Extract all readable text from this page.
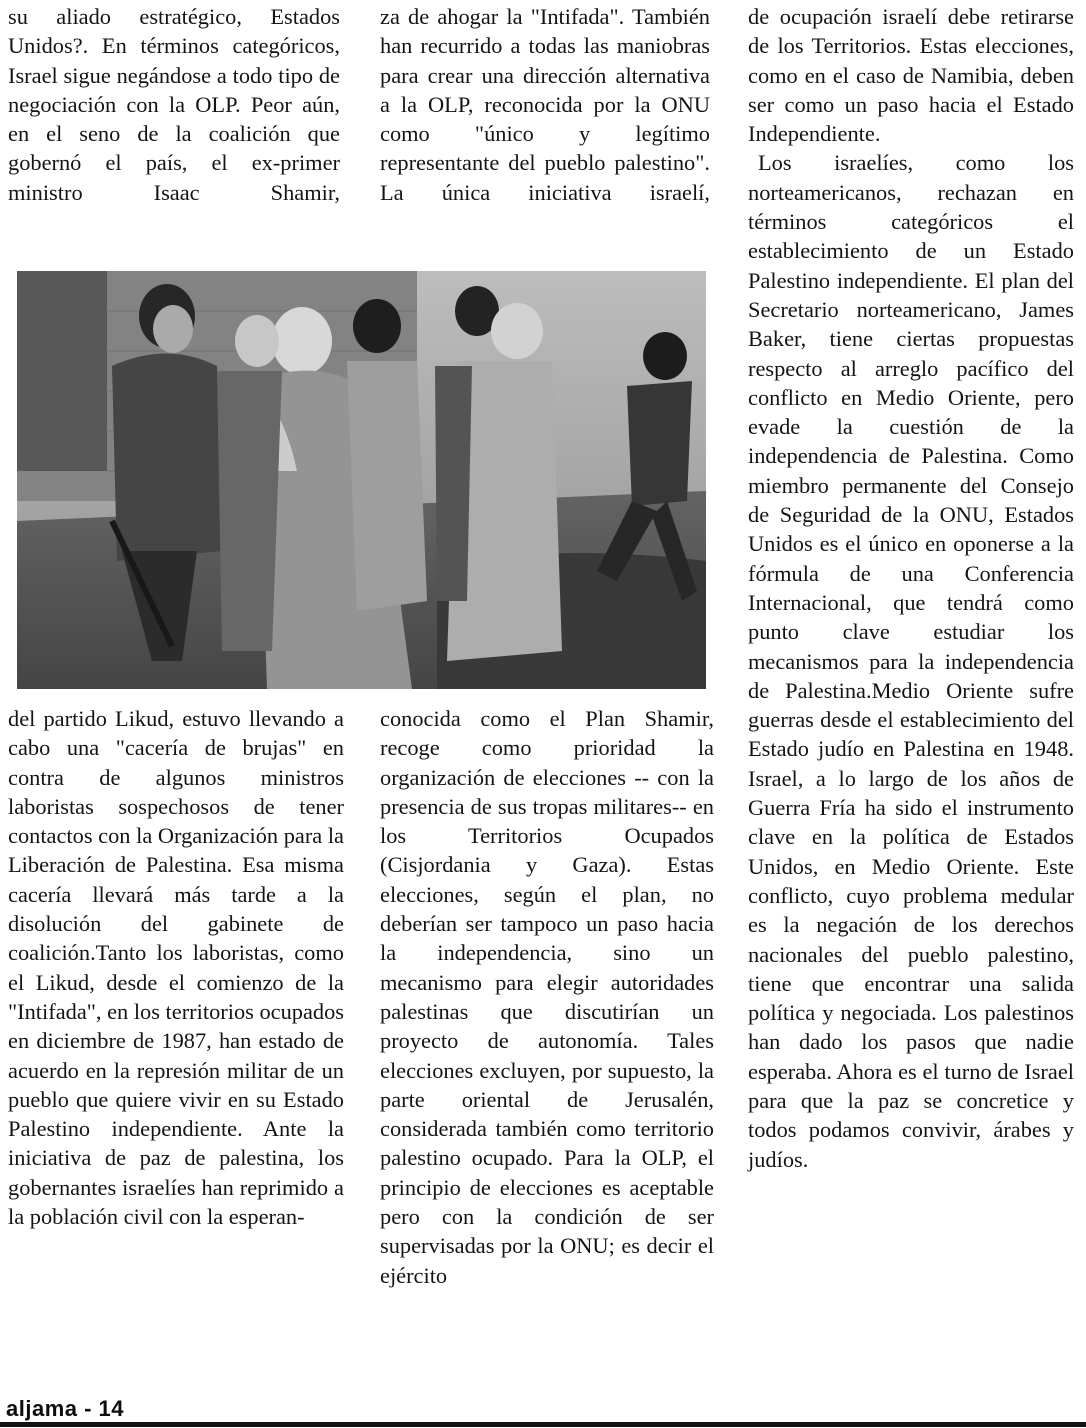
su aliado estratégico, Estados Unidos?. En términos categóricos, Israel sigue negándose a todo tipo de negociación con la OLP. Peor aún, en el seno de la coalición que gobernó el país, el ex-primer ministro Isaac Shamir,

za de ahogar la "Intifada". También han recurrido a todas las maniobras para crear una dirección alternativa a la OLP, reconocida por la ONU como "único y legítimo representante del pueblo palestino".

La única iniciativa israelí,

de ocupación israelí debe retirarse de los Territorios. Estas elecciones, como en el caso de Namibia, deben ser como un paso hacia el Estado Independiente.

Los israelíes, como los norteamericanos, rechazan en términos categóricos el establecimiento de un Estado Palestino independiente. El plan del Secretario norteamericano, James Baker, tiene ciertas propuestas respecto al arreglo pacífico del conflicto en Medio Oriente, pero evade la cuestión de la independencia de Palestina. Como miembro permanente del Consejo de Seguridad de la ONU, Estados Unidos es el único en oponerse a la fórmula de una Conferencia Internacional, que tendrá como punto clave estudiar los mecanismos para la independencia de Palestina.Medio Oriente sufre guerras desde el establecimiento del Estado judío en Palestina en 1948. Israel, a lo largo de los años de Guerra Fría ha sido el instrumento clave en la política de Estados Unidos, en Medio Oriente. Este conflicto, cuyo problema medular es la negación de los derechos nacionales del pueblo palestino, tiene que encontrar una salida política y negociada. Los palestinos han dado los pasos que nadie esperaba. Ahora es el turno de Israel para que la paz se concretice y todos podamos convivir, árabes y judíos.

del partido Likud, estuvo llevando a cabo una "cacería de brujas" en contra de algunos ministros laboristas sospechosos de tener contactos con la Organización para la Liberación de Palestina. Esa misma cacería llevará más tarde a la disolución del gabinete de coalición.Tanto los laboristas, como el Likud, desde el comienzo de la "Intifada", en los territorios ocupados en diciembre de 1987, han estado de acuerdo en la represión militar de un pueblo que quiere vivir en su Estado Palestino independiente. Ante la iniciativa de paz de palestina, los gobernantes israelíes han reprimido a la población civil con la esperan-

conocida como el Plan Shamir, recoge como prioridad la organización de elecciones -- con la presencia de sus tropas militares-- en los Territorios Ocupados (Cisjordania y Gaza). Estas elecciones, según el plan, no deberían ser tampoco un paso hacia la independencia, sino un mecanismo para elegir autoridades palestinas que discutirían un proyecto de autonomía. Tales elecciones excluyen, por supuesto, la parte oriental de Jerusalén, considerada también como territorio palestino ocupado. Para la OLP, el principio de elecciones es aceptable pero con la condición de ser supervisadas por la ONU; es decir el ejército

aljama - 14
